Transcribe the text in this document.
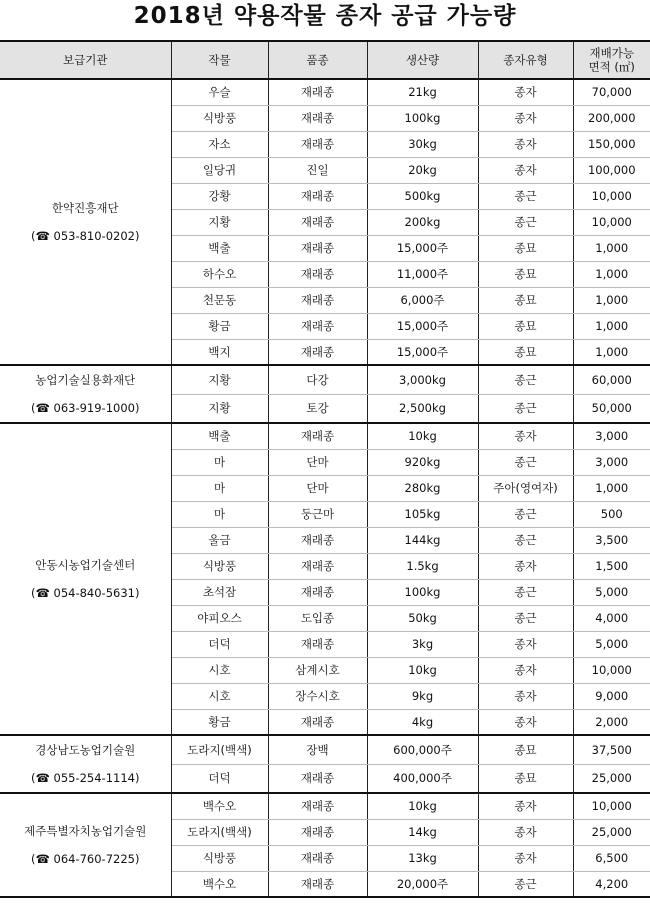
2018년 약용작물 종자 공급 가능량
보급기관	작물	품종	생산량	종자유형	재배가능
면적 (㎡)

한약진흥재단
(☎ 053-810-0202)	우슬	재래종	21kg	종자	70,000
	식방풍	재래종	100kg	종자	200,000
	자소	재래종	30kg	종자	150,000
	일당귀	진일	20kg	종자	100,000
	강황	재래종	500kg	종근	10,000
	지황	재래종	200kg	종근	10,000
	백출	재래종	15,000주	종묘	1,000
	하수오	재래종	11,000주	종묘	1,000
	천문동	재래종	6,000주	종묘	1,000
	황금	재래종	15,000주	종묘	1,000
	백지	재래종	15,000주	종묘	1,000

농업기술실용화재단
(☎ 063-919-1000)	지황	다강	3,000kg	종근	60,000
	지황	토강	2,500kg	종근	50,000

안동시농업기술센터
(☎ 054-840-5631)	백출	재래종	10kg	종자	3,000
	마	단마	920kg	종근	3,000
	마	단마	280kg	주아(영여자)	1,000
	마	둥근마	105kg	종근	500
	울금	재래종	144kg	종근	3,500
	식방풍	재래종	1.5kg	종자	1,500
	초석잠	재래종	100kg	종근	5,000
	야피오스	도입종	50kg	종근	4,000
	더덕	재래종	3kg	종자	5,000
	시호	삼계시호	10kg	종자	10,000
	시호	장수시호	9kg	종자	9,000
	황금	재래종	4kg	종자	2,000

경상남도농업기술원
(☎ 055-254-1114)	도라지(백색)	장백	600,000주	종묘	37,500
	더덕	재래종	400,000주	종묘	25,000

제주특별자치농업기술원
(☎ 064-760-7225)	백수오	재래종	10kg	종자	10,000
	도라지(백색)	재래종	14kg	종자	25,000
	식방풍	재래종	13kg	종자	6,500
	백수오	재래종	20,000주	종근	4,200
